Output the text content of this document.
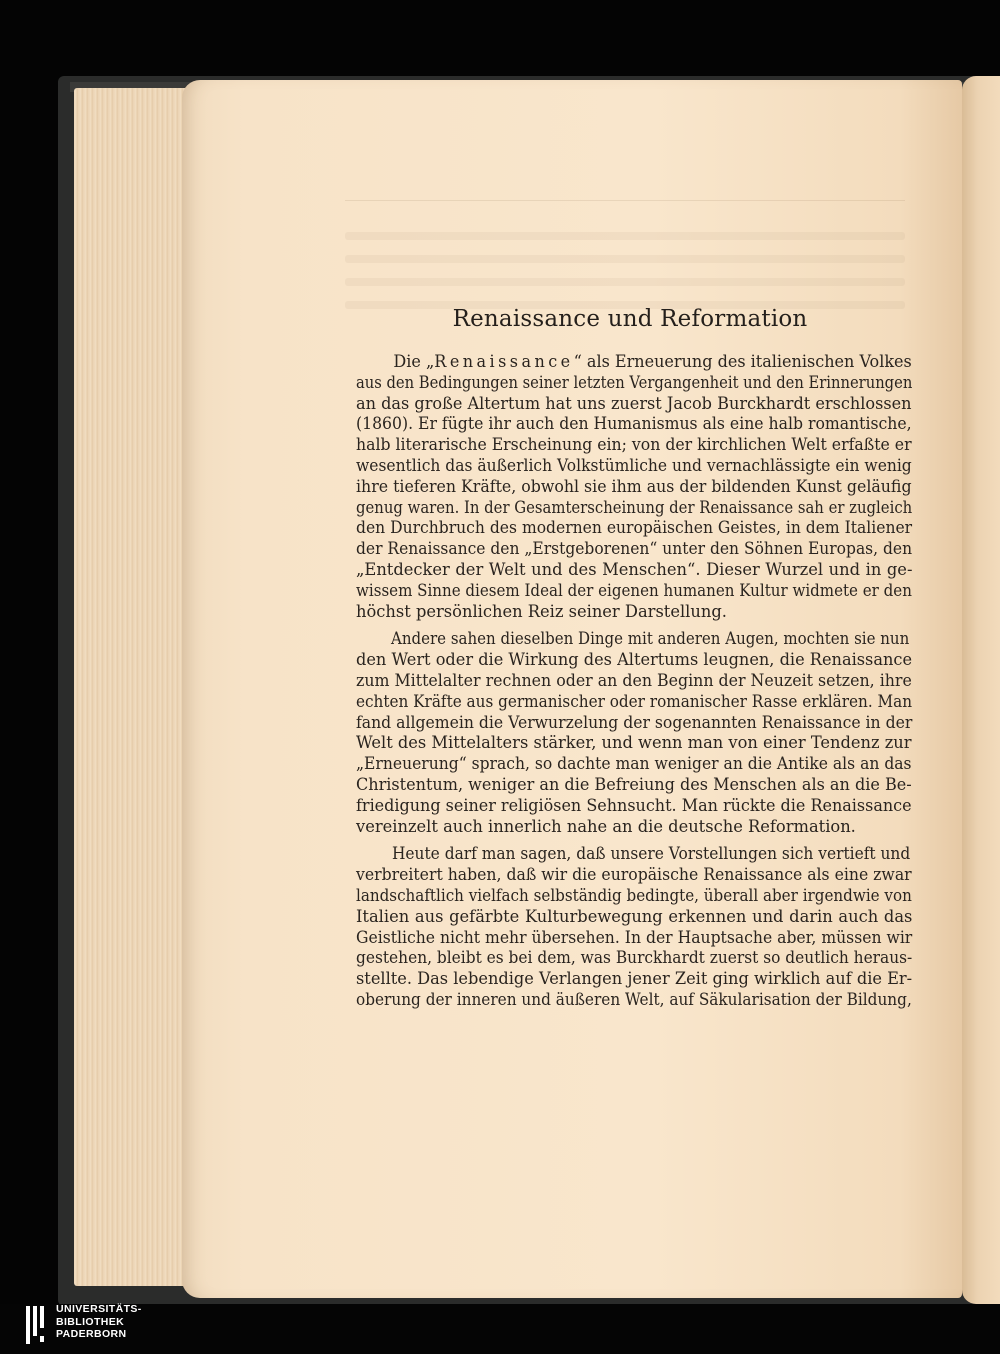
Renaissance und Reformation

Die „Renaissance“ als Erneuerung des italienischen Volkes
aus den Bedingungen seiner letzten Vergangenheit und den Erinnerungen
an das große Altertum hat uns zuerst Jacob Burckhardt erschlossen
(1860). Er fügte ihr auch den Humanismus als eine halb romantische,
halb literarische Erscheinung ein; von der kirchlichen Welt erfaßte er
wesentlich das äußerlich Volkstümliche und vernachlässigte ein wenig
ihre tieferen Kräfte, obwohl sie ihm aus der bildenden Kunst geläufig
genug waren. In der Gesamterscheinung der Renaissance sah er zugleich
den Durchbruch des modernen europäischen Geistes, in dem Italiener
der Renaissance den „Erstgeborenen“ unter den Söhnen Europas, den
„Entdecker der Welt und des Menschen“. Dieser Wurzel und in ge-
wissem Sinne diesem Ideal der eigenen humanen Kultur widmete er den
höchst persönlichen Reiz seiner Darstellung.

Andere sahen dieselben Dinge mit anderen Augen, mochten sie nun
den Wert oder die Wirkung des Altertums leugnen, die Renaissance
zum Mittelalter rechnen oder an den Beginn der Neuzeit setzen, ihre
echten Kräfte aus germanischer oder romanischer Rasse erklären. Man
fand allgemein die Verwurzelung der sogenannten Renaissance in der
Welt des Mittelalters stärker, und wenn man von einer Tendenz zur
„Erneuerung“ sprach, so dachte man weniger an die Antike als an das
Christentum, weniger an die Befreiung des Menschen als an die Be-
friedigung seiner religiösen Sehnsucht. Man rückte die Renaissance
vereinzelt auch innerlich nahe an die deutsche Reformation.

Heute darf man sagen, daß unsere Vorstellungen sich vertieft und
verbreitert haben, daß wir die europäische Renaissance als eine zwar
landschaftlich vielfach selbständig bedingte, überall aber irgendwie von
Italien aus gefärbte Kulturbewegung erkennen und darin auch das
Geistliche nicht mehr übersehen. In der Hauptsache aber, müssen wir
gestehen, bleibt es bei dem, was Burckhardt zuerst so deutlich heraus-
stellte. Das lebendige Verlangen jener Zeit ging wirklich auf die Er-
oberung der inneren und äußeren Welt, auf Säkularisation der Bildung,

UNIVERSITÄTS-
BIBLIOTHEK
PADERBORN
